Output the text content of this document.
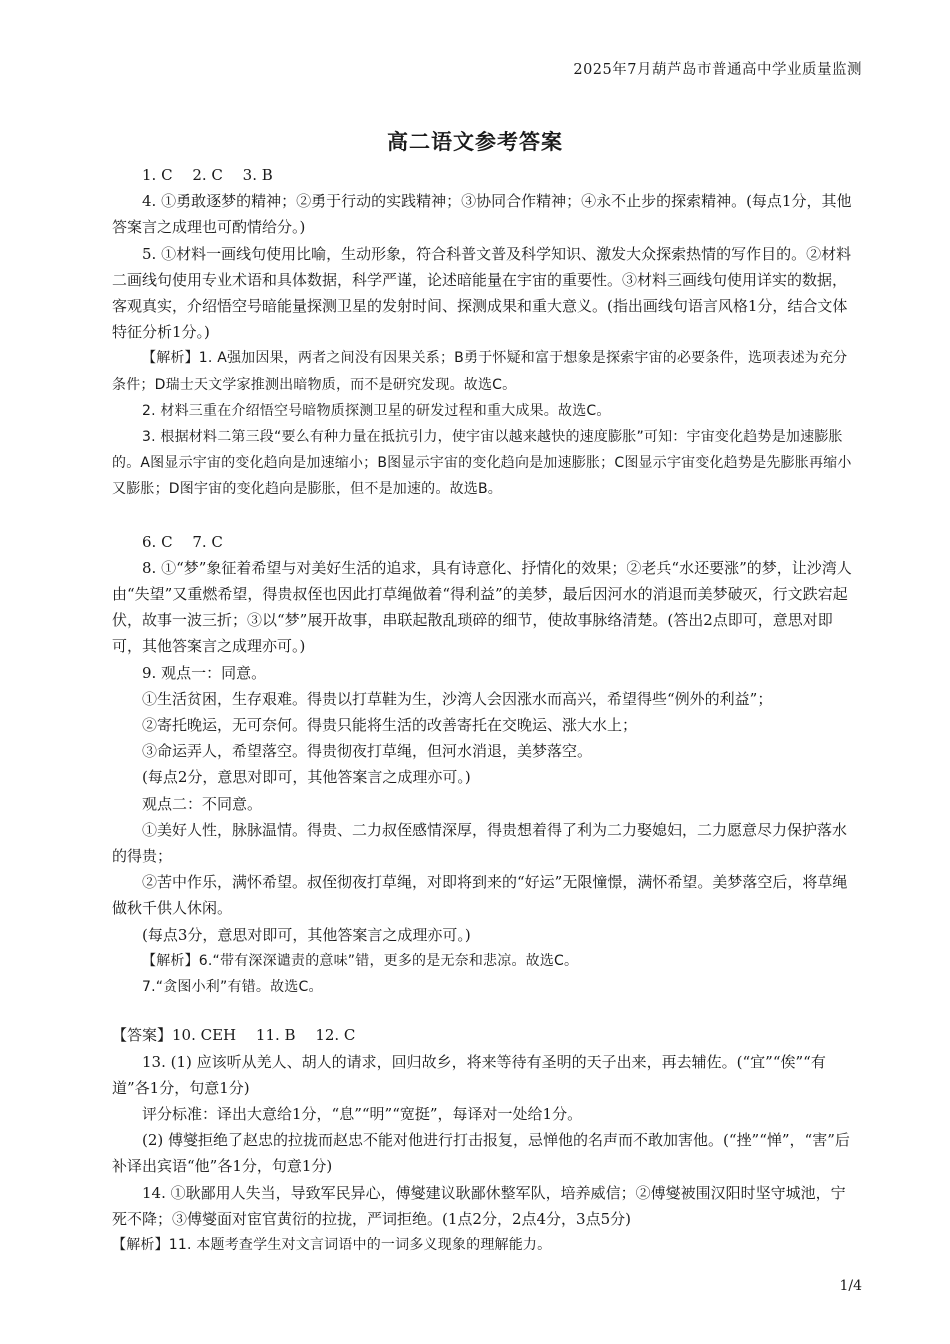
2025年7月葫芦岛市普通高中学业质量监测
高二语文参考答案

1. C　 2. C　 3. B

4. ①勇敢逐梦的精神；②勇于行动的实践精神；③协同合作精神；④永不止步的探索精神。(每点1分，其他答案言之成理也可酌情给分。)

5. ①材料一画线句使用比喻，生动形象，符合科普文普及科学知识、激发大众探索热情的写作目的。②材料二画线句使用专业术语和具体数据，科学严谨，论述暗能量在宇宙的重要性。③材料三画线句使用详实的数据，客观真实，介绍悟空号暗能量探测卫星的发射时间、探测成果和重大意义。(指出画线句语言风格1分，结合文体特征分析1分。)

【解析】1. A强加因果，两者之间没有因果关系；B勇于怀疑和富于想象是探索宇宙的必要条件，选项表述为充分条件；D瑞士天文学家推测出暗物质，而不是研究发现。故选C。

2. 材料三重在介绍悟空号暗物质探测卫星的研发过程和重大成果。故选C。

3. 根据材料二第三段“要么有种力量在抵抗引力，使宇宙以越来越快的速度膨胀”可知：宇宙变化趋势是加速膨胀的。A图显示宇宙的变化趋向是加速缩小；B图显示宇宙的变化趋向是加速膨胀；C图显示宇宙变化趋势是先膨胀再缩小又膨胀；D图宇宙的变化趋向是膨胀，但不是加速的。故选B。

6. C　 7. C

8. ①“梦”象征着希望与对美好生活的追求，具有诗意化、抒情化的效果；②老兵“水还要涨”的梦，让沙湾人由“失望”又重燃希望，得贵叔侄也因此打草绳做着“得利益”的美梦，最后因河水的消退而美梦破灭，行文跌宕起伏，故事一波三折；③以“梦”展开故事，串联起散乱琐碎的细节，使故事脉络清楚。(答出2点即可，意思对即可，其他答案言之成理亦可。)

9. 观点一：同意。

①生活贫困，生存艰难。得贵以打草鞋为生，沙湾人会因涨水而高兴，希望得些“例外的利益”；

②寄托晚运，无可奈何。得贵只能将生活的改善寄托在交晚运、涨大水上；

③命运弄人，希望落空。得贵彻夜打草绳，但河水消退，美梦落空。

(每点2分，意思对即可，其他答案言之成理亦可。)

观点二：不同意。

①美好人性，脉脉温情。得贵、二力叔侄感情深厚，得贵想着得了利为二力娶媳妇，二力愿意尽力保护落水的得贵；

②苦中作乐，满怀希望。叔侄彻夜打草绳，对即将到来的“好运”无限憧憬，满怀希望。美梦落空后，将草绳做秋千供人休闲。

(每点3分，意思对即可，其他答案言之成理亦可。)

【解析】6.“带有深深谴责的意味”错，更多的是无奈和悲凉。故选C。

7.“贪图小利”有错。故选C。

【答案】10. CEH　 11. B　 12. C

13. (1) 应该听从羌人、胡人的请求，回归故乡，将来等待有圣明的天子出来，再去辅佐。(“宜”“俟”“有道”各1分，句意1分)

评分标准：译出大意给1分，“息”“明”“宽挺”，每译对一处给1分。

(2) 傅燮拒绝了赵忠的拉拢而赵忠不能对他进行打击报复，忌惮他的名声而不敢加害他。(“挫”“惮”，“害”后补译出宾语“他”各1分，句意1分)

14. ①耿鄙用人失当，导致军民异心，傅燮建议耿鄙休整军队，培养威信；②傅燮被围汉阳时坚守城池，宁死不降；③傅燮面对宦官黄衍的拉拢，严词拒绝。(1点2分，2点4分，3点5分)

【解析】11. 本题考查学生对文言词语中的一词多义现象的理解能力。

1/4
